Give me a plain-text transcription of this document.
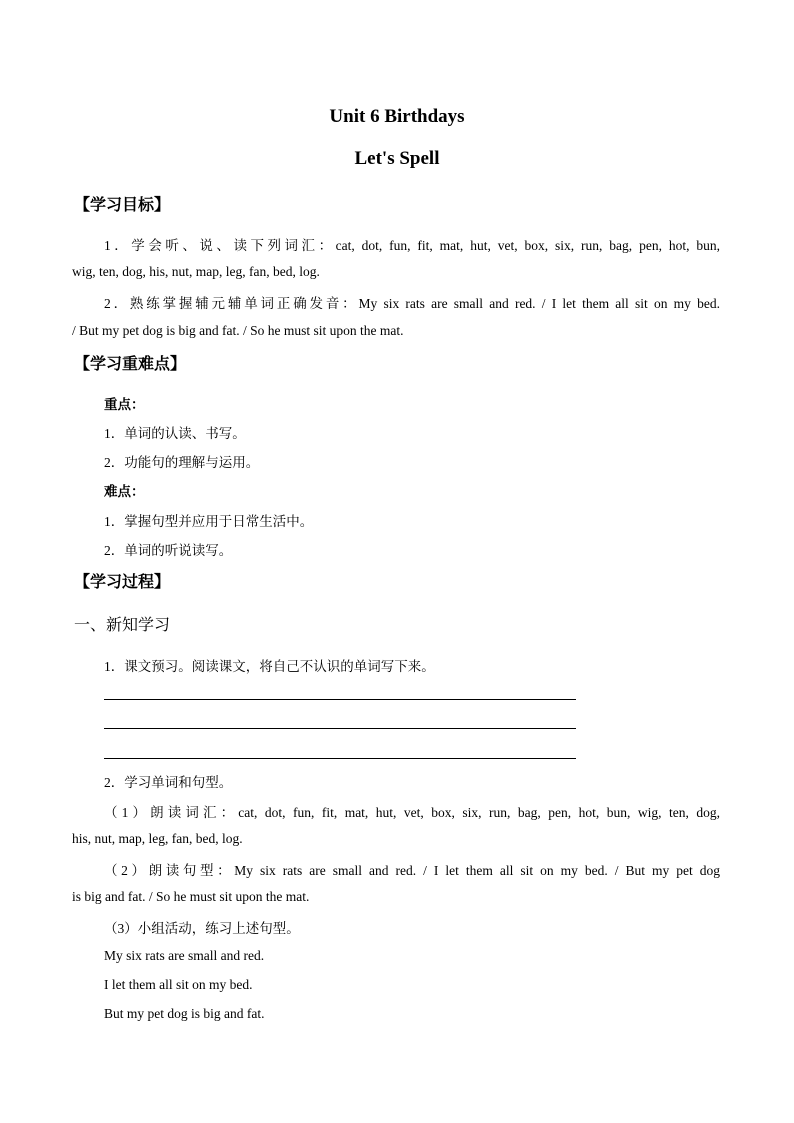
Unit 6 Birthdays
Let's Spell
【学习目标】
1．学会听、说、读下列词汇：cat, dot, fun, fit, mat, hut, vet, box, six, run, bag, pen, hot, bun,
wig, ten, dog, his, nut, map, leg, fan, bed, log.
2．熟练掌握辅元辅单词正确发音：My six rats are small and red. / I let them all sit on my bed.
/ But my pet dog is big and fat. / So he must sit upon the mat.
【学习重难点】
重点：
1．单词的认读、书写。
2．功能句的理解与运用。
难点：
1．掌握句型并应用于日常生活中。
2．单词的听说读写。
【学习过程】
一、新知学习
1．课文预习。阅读课文，将自己不认识的单词写下来。
2．学习单词和句型。
（1）朗读词汇：cat, dot, fun, fit, mat, hut, vet, box, six, run, bag, pen, hot, bun, wig, ten, dog,
his, nut, map, leg, fan, bed, log.
（2）朗读句型：My six rats are small and red. / I let them all sit on my bed. / But my pet dog
is big and fat. / So he must sit upon the mat.
（3）小组活动，练习上述句型。
My six rats are small and red.
I let them all sit on my bed.
But my pet dog is big and fat.
